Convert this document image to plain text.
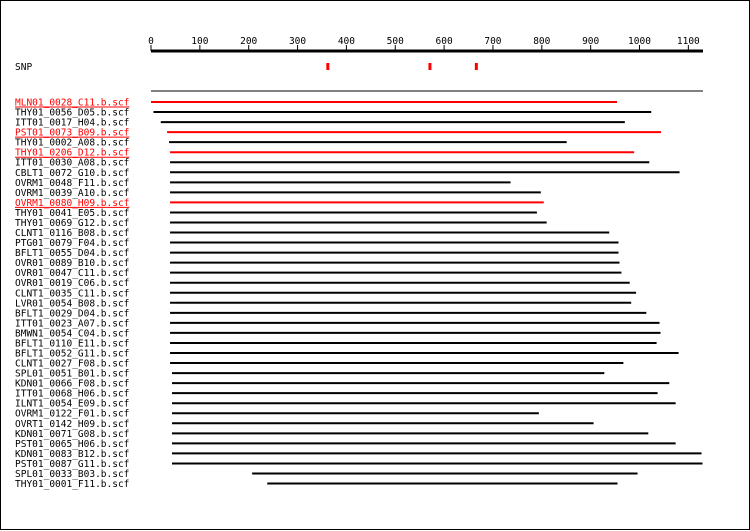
0	100	200	300	400	500	600	700	800	900	1000	1100
SNP
MLN01_0028_C11.b.scf
THY01_0056_D05.b.scf
ITT01_0017_H04.b.scf
PST01_0073_B09.b.scf
THY01_0002_A08.b.scf
THY01_0206_D12.b.scf
ITT01_0030_A08.b.scf
CBLT1_0072_G10.b.scf
OVRM1_0048_F11.b.scf
OVRM1_0039_A10.b.scf
OVRM1_0080_H09.b.scf
THY01_0041_E05.b.scf
THY01_0069_G12.b.scf
CLNT1_0116_B08.b.scf
PTG01_0079_F04.b.scf
BFLT1_0055_D04.b.scf
OVR01_0089_B10.b.scf
OVR01_0047_C11.b.scf
OVR01_0019_C06.b.scf
CLNT1_0035_C11.b.scf
LVR01_0054_B08.b.scf
BFLT1_0029_D04.b.scf
ITT01_0023_A07.b.scf
BMWN1_0054_C04.b.scf
BFLT1_0110_E11.b.scf
BFLT1_0052_G11.b.scf
CLNT1_0027_F08.b.scf
SPL01_0051_B01.b.scf
KDN01_0066_F08.b.scf
ITT01_0068_H06.b.scf
ILNT1_0054_E09.b.scf
OVRM1_0122_F01.b.scf
OVRT1_0142_H09.b.scf
KDN01_0071_G08.b.scf
PST01_0065_H06.b.scf
KDN01_0083_B12.b.scf
PST01_0087_G11.b.scf
SPL01_0033_B03.b.scf
THY01_0001_F11.b.scf
